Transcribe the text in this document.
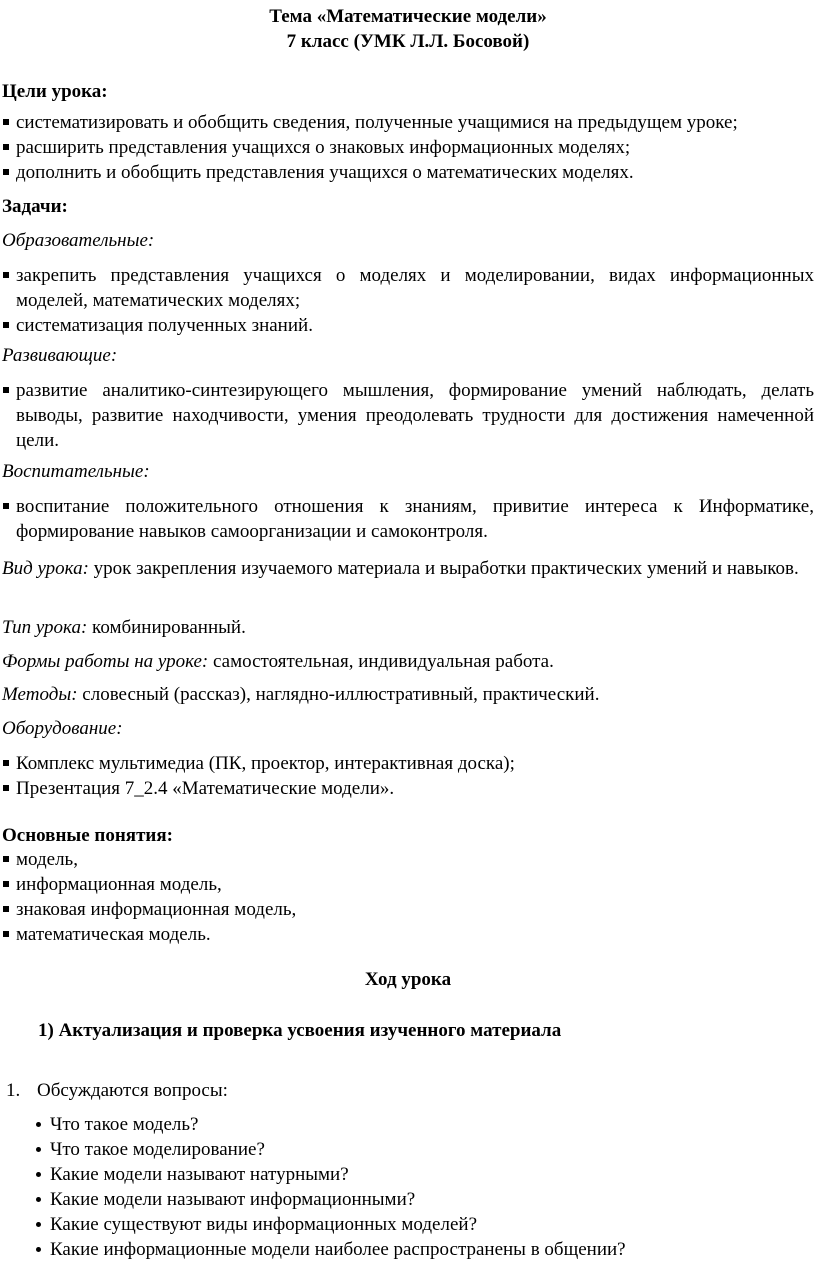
Тема «Математические модели»
7 класс (УМК Л.Л. Босовой)
Цели урока:
систематизировать и обобщить сведения, полученные учащимися на предыдущем уроке;
расширить представления учащихся о знаковых информационных моделях;
дополнить и обобщить представления учащихся о математических моделях.
Задачи:
Образовательные:
закрепить представления учащихся о моделях и моделировании, видах информационных моделей, математических моделях;
систематизация полученных знаний.
Развивающие:
развитие аналитико-синтезирующего мышления, формирование умений наблюдать, делать выводы, развитие находчивости, умения преодолевать трудности для достижения намеченной цели.
Воспитательные:
воспитание положительного отношения к знаниям, привитие интереса к Информатике, формирование навыков самоорганизации и самоконтроля.
Вид урока: урок закрепления изучаемого материала и выработки практических умений и навыков.
Тип урока: комбинированный.
Формы работы на уроке: самостоятельная, индивидуальная работа.
Методы: словесный (рассказ), наглядно-иллюстративный, практический.
Оборудование:
Комплекс мультимедиа (ПК, проектор, интерактивная доска);
Презентация 7_2.4 «Математические модели».
Основные понятия:
модель,
информационная модель,
знаковая информационная модель,
математическая модель.
Ход урока
1) Актуализация и проверка усвоения изученного материала
1. Обсуждаются вопросы:
Что такое модель?
Что такое моделирование?
Какие модели называют натурными?
Какие модели называют информационными?
Какие существуют виды информационных моделей?
Какие информационные модели наиболее распространены в общении?
